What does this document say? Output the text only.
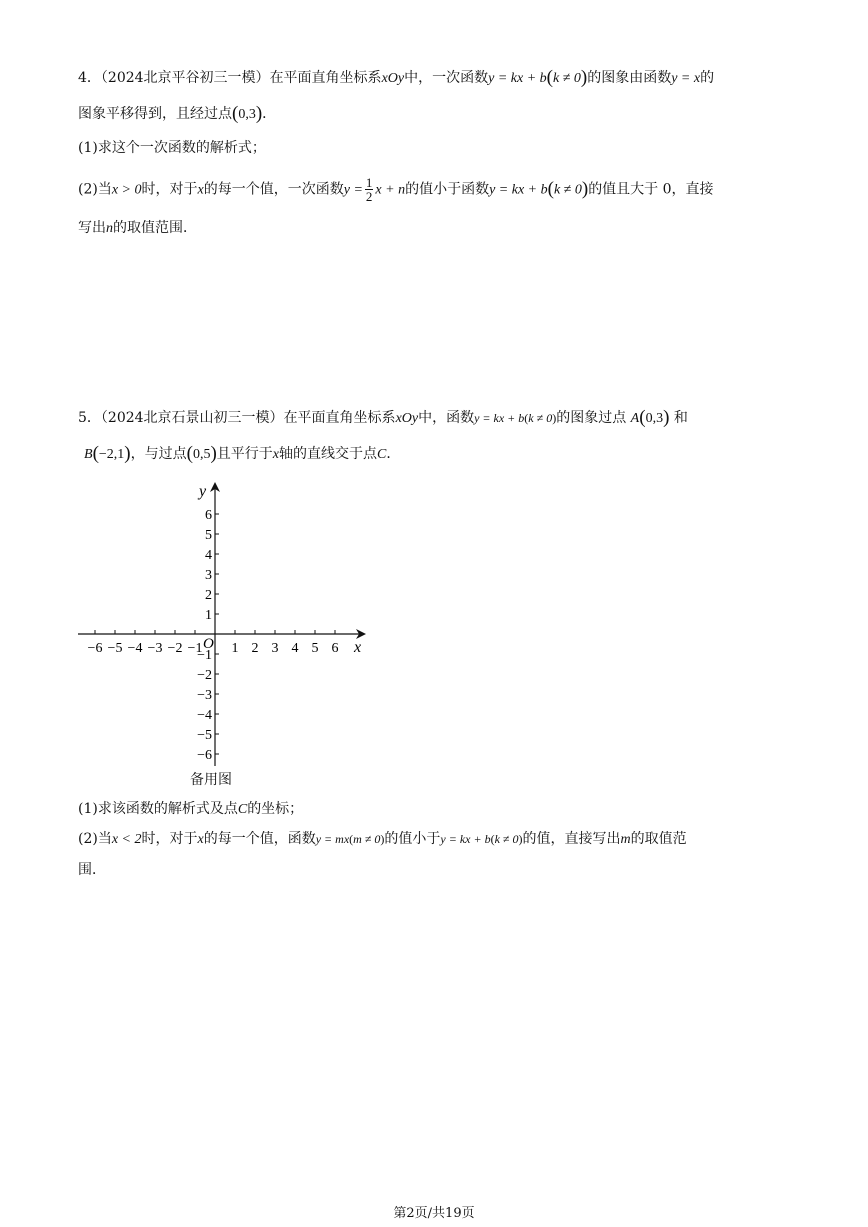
4．（2024北京平谷初三一模）在平面直角坐标系xOy中，一次函数y = kx + b(k ≠ 0)的图象由函数y = x的
图象平移得到，且经过点(0,3)．
(1)求这个一次函数的解析式；
(2)当x > 0时，对于x的每一个值，一次函数$y = \frac{1}{2}$ x + n的值小于函数y = kx + b(k ≠ 0)的值且大于 0，直接
写出n的取值范围．
5．（2024北京石景山初三一模）在平面直角坐标系xOy中，函数y = kx + b(k ≠ 0)的图象过点 A(0,3) 和
B(−2,1)，与过点(0,5)且平行于x轴的直线交于点C．
−6 −5 −4 −3 −2 −1 1 2 3 4 5 6
6
5
4
3
2
1
−1
−2
−3
−4
−5
−6
x
y
O
备用图
(1)求该函数的解析式及点C的坐标；
(2)当x < 2时，对于x的每一个值，函数y = mx(m ≠ 0)的值小于y = kx + b(k ≠ 0)的值，直接写出m的取值范
围．
第2页/共19页
